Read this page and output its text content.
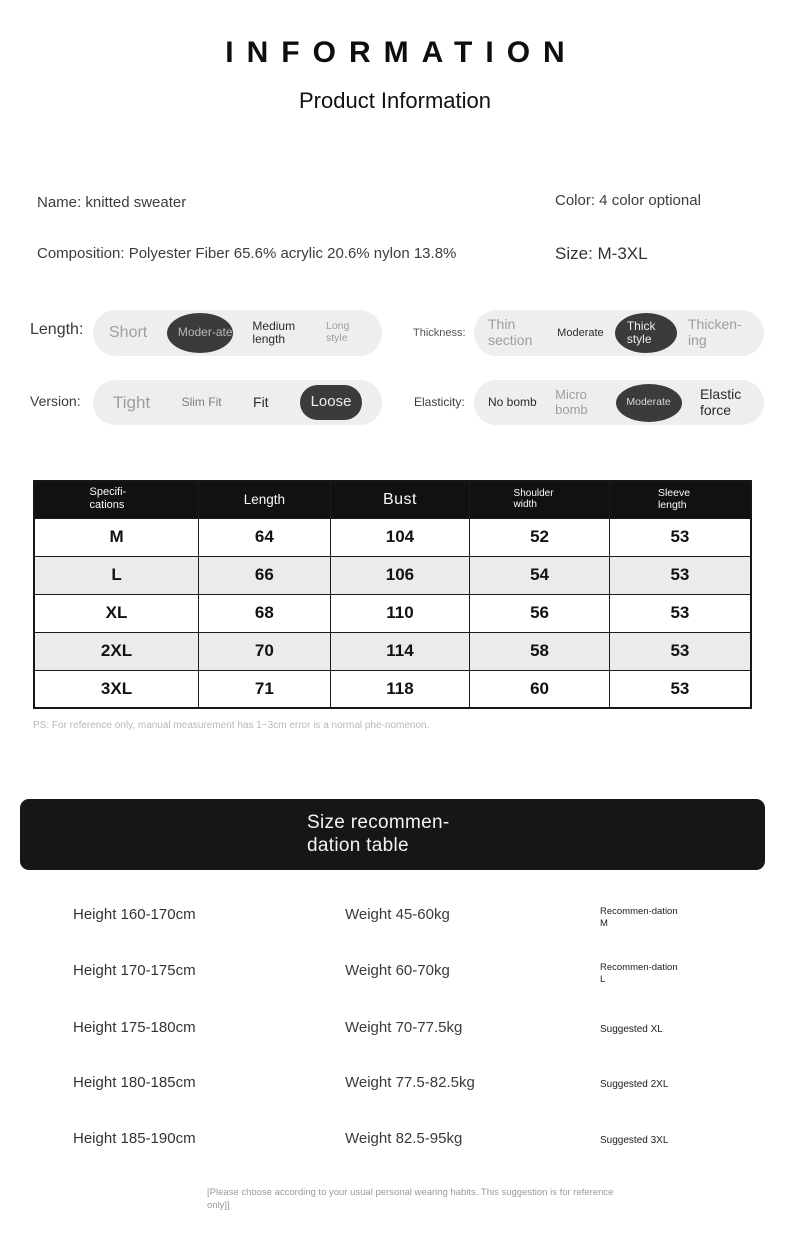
INFORMATION
Product Information
Name: knitted sweater	Color: 4 color optional
Composition: Polyester Fiber 65.6% acrylic 20.6% nylon 13.8%	Size: M-3XL
Length: Short	Moder-ate Medium length
Long style	Thickness:
Thin section	Moderate
Thick style
Thicken-ing
Version: Tight	Slim Fit Fit	Loose	Elasticity: No bomb Micro bomb	Moderate	Elastic force
Specifi-cations	Length	Bust	Shoulder width	Sleeve length
M	64	104	52	53
L	66	106	54	53
XL	68	110	56	53
2XL	70	114	58	53
3XL	71	118	60	53
PS: For reference only, manual measurement has 1~3cm error is a normal phe-nomenon.
Size recommen-dation table
Height 160-170cm	Weight 45-60kg	Recommen-dation M
Height 170-175cm	Weight 60-70kg	Recommen-dation L
Height 175-180cm	Weight 70-77.5kg	Suggested XL
Height 180-185cm	Weight 77.5-82.5kg	Suggested 2XL
Height 185-190cm	Weight 82.5-95kg	Suggested 3XL
[Please choose according to your usual personal wearing habits. This suggestion is for reference only]]
